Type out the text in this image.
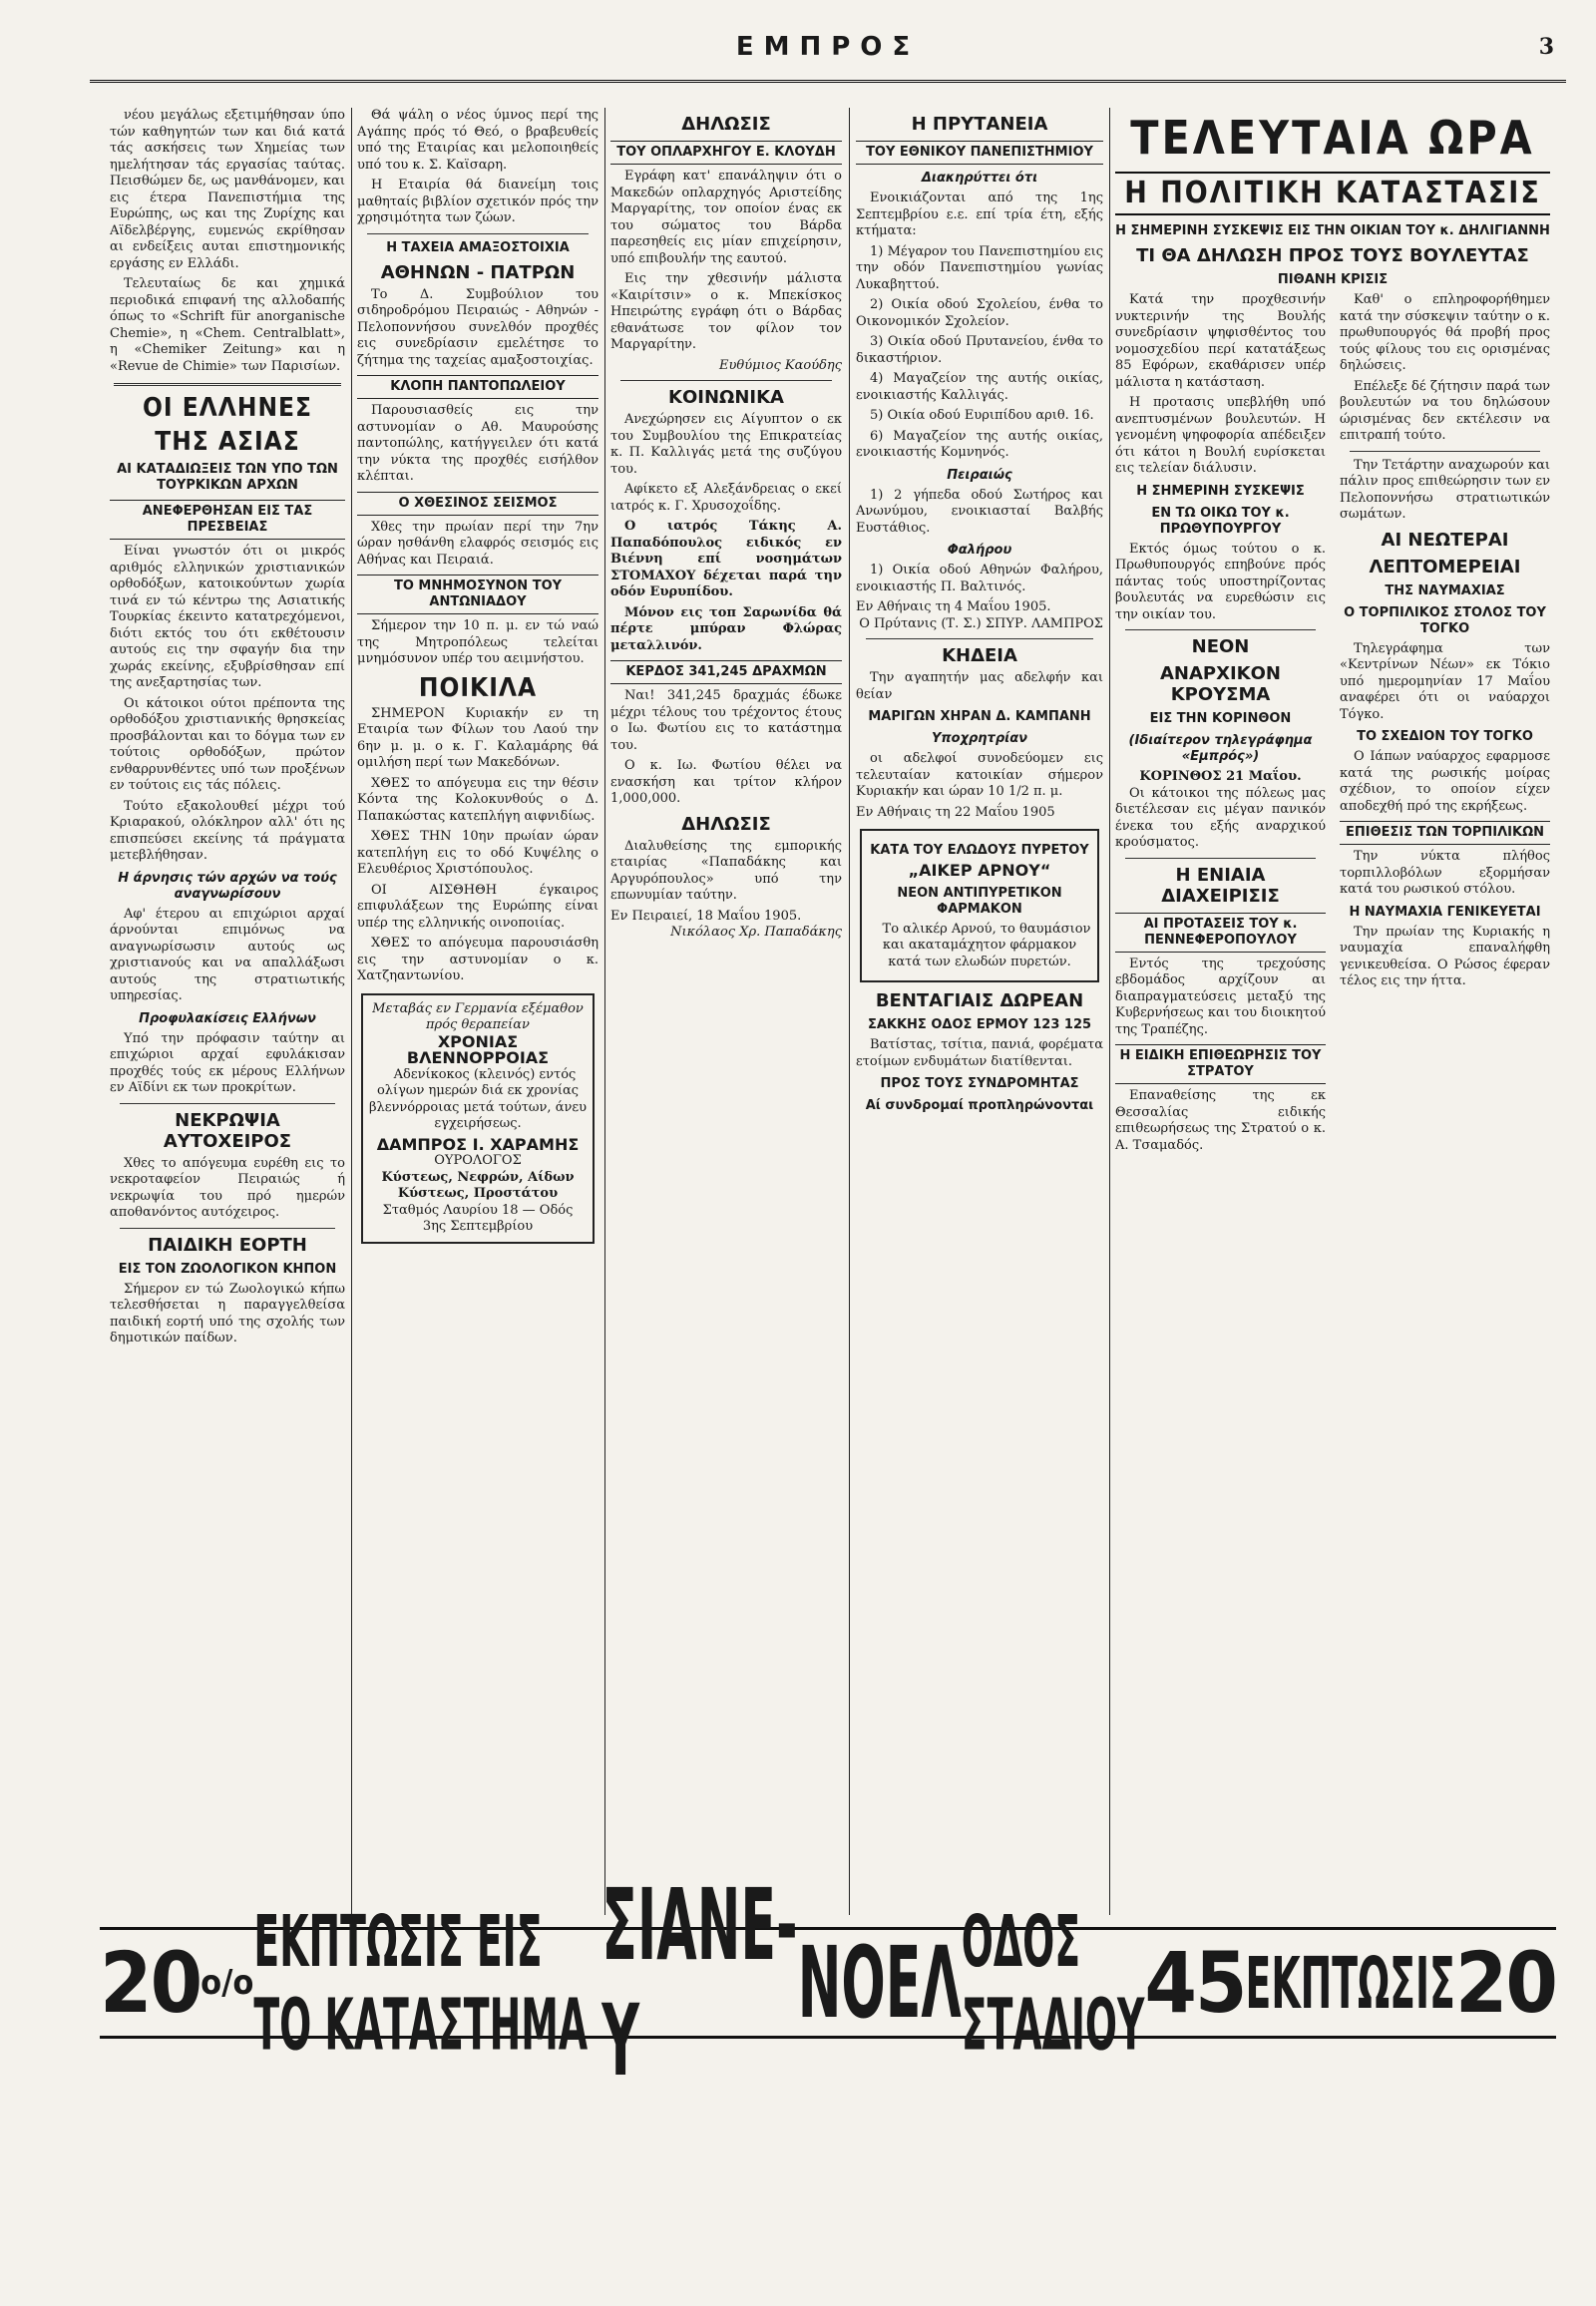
ΕΜΠΡΟΣ	3

νέου μεγάλως εξετιμήθησαν ύπο τών καθηγητών των και διά κατά τάς ασκήσεις των Χημείας των ημελήτησαν τάς εργασίας ταύτας. Πεισθώμεν δε, ως μανθάνομεν, και εις έτερα Πανεπιστήμια της Ευρώπης, ως και της Ζυρίχης και Αϊδελβέργης, ευμενώς εκρίθησαν αι ενδείξεις αυται επιστημονικής εργάσης εν Ελλάδι.

Τελευταίως δε και χημικά περιοδικά επιφανή της αλλοδαπής όπως το «Schrift für anorganische Chemie», η «Chem. Centralblatt», η «Chemiker Zeitung» και η «Revue de Chimie» των Παρισίων.

ΟΙ ΕΛΛΗΝΕΣ
ΤΗΣ ΑΣΙΑΣ
ΑΙ ΚΑΤΑΔΙΩΞΕΙΣ ΤΩΝ ΥΠΟ ΤΩΝ ΤΟΥΡΚΙΚΩΝ ΑΡΧΩΝ
ΑΝΕΦΕΡΘΗΣΑΝ ΕΙΣ ΤΑΣ ΠΡΕΣΒΕΙΑΣ

Είναι γνωστόν ότι οι μικρός αριθμός ελληνικών χριστιανικών ορθοδόξων, κατοικούντων χωρία τινά εν τώ κέντρω της Ασιατικής Τουρκίας έκειντο κατατρεχόμενοι, διότι εκτός του ότι εκθέτουσιν αυτούς εις την σφαγήν δια την χωράς εκείνης, εξυβρίσθησαν επί της ανεξαρτησίας των.

Οι κάτοικοι ούτοι πρέποντα της ορθοδόξου χριστιανικής θρησκείας προσβάλονται και το δόγμα των εν τούτοις ορθοδόξων, πρώτον ενθαρρυνθέντες υπό των προξένων εν τούτοις εις τάς πόλεις.

Τούτο εξακολουθεί μέχρι τού Κριαρακού, ολόκληρον αλλ' ότι ης επισπεύσει εκείνης τά πράγματα μετεβλήθησαν.

Η άρνησις τών αρχών να τούς αναγνωρίσουν

Αφ' έτερου αι επιχώριοι αρχαί άρνούνται επιμόνως να αναγνωρίσωσιν αυτούς ως χριστιανούς και να απαλλάξωσι αυτούς της στρατιωτικής υπηρεσίας.

Προφυλακίσεις Ελλήνων

Υπό την πρόφασιν ταύτην αι επιχώριοι αρχαί εφυλάκισαν προχθές τούς εκ μέρους Ελλήνων εν Αϊδίνι εκ των προκρίτων.

ΝΕΚΡΩΨΙΑ ΑΥΤΟΧΕΙΡΟΣ

Χθες το απόγευμα ευρέθη εις το νεκροταφείον Πειραιώς ή νεκρωψία του πρό ημερών αποθανόντος αυτόχειρος.

ΠΑΙΔΙΚΗ ΕΟΡΤΗ
ΕΙΣ ΤΟΝ ΖΩΟΛΟΓΙΚΟΝ ΚΗΠΟΝ

Σήμερον εν τώ Ζωολογικώ κήπω τελεσθήσεται η παραγγελθείσα παιδική εορτή υπό της σχολής των δημοτικών παίδων.

Θά ψάλη ο νέος ύμνος περί της Αγάπης πρός τό Θεό, ο βραβευθείς υπό της Εταιρίας και μελοποιηθείς υπό του κ. Σ. Καϊσαρη.

Η Εταιρία θά διανείμη τοις μαθηταίς βιβλίον σχετικόν πρός την χρησιμότητα των ζώων.

Η ΤΑΧΕΙΑ ΑΜΑΞΟΣΤΟΙΧΙΑ
ΑΘΗΝΩΝ - ΠΑΤΡΩΝ

Το Δ. Συμβούλιον του σιδηροδρόμου Πειραιώς - Αθηνών - Πελοποννήσου συνελθόν προχθές εις συνεδρίασιν εμελέτησε το ζήτημα της ταχείας αμαξοστοιχίας.

ΚΛΟΠΗ ΠΑΝΤΟΠΩΛΕΙΟΥ

Παρουσιασθείς εις την αστυνομίαν ο Αθ. Μαυρούσης παντοπώλης, κατήγγειλεν ότι κατά την νύκτα της προχθές εισήλθον κλέπται.

Ο ΧΘΕΣΙΝΟΣ ΣΕΙΣΜΟΣ

Χθες την πρωίαν περί την 7ην ώραν ησθάνθη ελαφρός σεισμός εις Αθήνας και Πειραιά.

ΤΟ ΜΝΗΜΟΣΥΝΟΝ ΤΟΥ ΑΝΤΩΝΙΑΔΟΥ

Σήμερον την 10 π. μ. εν τώ ναώ της Μητροπόλεως τελείται μνημόσυνον υπέρ του αειμνήστου.

ΠΟΙΚΙΛΑ

ΣΗΜΕΡΟΝ Κυριακήν εν τη Εταιρία των Φίλων του Λαού την 6ην μ. μ. ο κ. Γ. Καλαμάρης θά ομιλήση περί των Μακεδόνων.

ΧΘΕΣ το απόγευμα εις την θέσιν Κόντα της Κολοκυνθούς ο Δ. Παπακώστας κατεπλήγη αιφνιδίως.

ΧΘΕΣ ΤΗΝ 10ην πρωίαν ώραν κατεπλήγη εις το οδό Κυψέλης ο Ελευθέριος Χριστόπουλος.

ΟΙ ΑΙΣΘΗΘΗ έγκαιρος επιφυλάξεων της Ευρώπης είναι υπέρ της ελληνικής οινοποιίας.

ΧΘΕΣ το απόγευμα παρουσιάσθη εις την αστυνομίαν ο κ. Χατζηαντωνίου.

Μεταβάς εν Γερμανία εξέμαθον πρός θεραπείαν
ΧΡΟΝΙΑΣ ΒΛΕΝΝΟΡΡΟΙΑΣ

Αδενίκοκος (κλεινός) εντός ολίγων ημερών διά εκ χρονίας βλεννόρροιας μετά τούτων, άνευ εγχειρήσεως.

ΔΑΜΠΡΟΣ Ι. ΧΑΡΑΜΗΣ
ΟΥΡΟΛΟΓΟΣ
Κύστεως, Νεφρών, Αίδων Κύστεως, Προστάτου
Σταθμός Λαυρίου 18 — Οδός 3ης Σεπτεμβρίου
ΔΗΛΩΣΙΣ
ΤΟΥ ΟΠΛΑΡΧΗΓΟΥ Ε. ΚΛΟΥΔΗ

Εγράφη κατ' επανάληψιν ότι ο Μακεδών οπλαρχηγός Αριστείδης Μαργαρίτης, τον οποίον ένας εκ του σώματος του Βάρδα παρεσηθείς εις μίαν επιχείρησιν, υπό επιβουλήν της εαυτού.

Εις την χθεσινήν μάλιστα «Καιρίτσιν» ο κ. Μπεκίσκος Ηπειρώτης εγράφη ότι ο Βάρδας εθανάτωσε τον φίλον τον Μαργαρίτην.

Ευθύμιος Καούδης
ΚΟΙΝΩΝΙΚΑ

Ανεχώρησεν εις Αίγυπτον ο εκ του Συμβουλίου της Επικρατείας κ. Π. Καλλιγάς μετά της συζύγου του.

Αφίκετο εξ Αλεξάνδρειας ο εκεί ιατρός κ. Γ. Χρυσοχοΐδης.

Ο ιατρός Τάκης Α. Παπαδόπουλος ειδικός εν Βιέννη επί νοσημάτων ΣΤΟΜΑΧΟΥ δέχεται παρά την οδόν Ευρυπίδου.

Μόνον εις τοπ Σαρωνίδα θά πέρτε μπύραν Φλώρας μεταλλινόν.

ΚΕΡΔΟΣ 341,245 ΔΡΑΧΜΩΝ

Ναι! 341,245 δραχμάς έδωκε μέχρι τέλους του τρέχοντος έτους ο Ιω. Φωτίου εις το κατάστημα του.

Ο κ. Ιω. Φωτίου θέλει να ενασκήση και τρίτον κλήρον 1,000,000.

ΔΗΛΩΣΙΣ

Διαλυθείσης της εμπορικής εταιρίας «Παπαδάκης και Αργυρόπουλος» υπό την επωνυμίαν ταύτην.

Εν Πειραιεί, 18 Μαΐου 1905.
Νικόλαος Χρ. Παπαδάκης
Η ΠΡΥΤΑΝΕΙΑ
ΤΟΥ ΕΘΝΙΚΟΥ ΠΑΝΕΠΙΣΤΗΜΙΟΥ
Διακηρύττει ότι

Ενοικιάζονται από της 1ης Σεπτεμβρίου ε.ε. επί τρία έτη, εξής κτήματα:

1) Μέγαρον του Πανεπιστημίου εις την οδόν Πανεπιστημίου γωνίας Λυκαβηττού.

2) Οικία οδού Σχολείου, ένθα το Οικονομικόν Σχολείον.

3) Οικία οδού Πρυτανείου, ένθα το δικαστήριον.

4) Μαγαζείον της αυτής οικίας, ενοικιαστής Καλλιγάς.

5) Οικία οδού Ευριπίδου αριθ. 16.

6) Μαγαζείον της αυτής οικίας, ενοικιαστής Κομνηνός.

Πειραιώς

1) 2 γήπεδα οδού Σωτήρος και Ανωνύμου, ενοικιασταί Βαλβής Ευστάθιος.

Φαλήρου

1) Οικία οδού Αθηνών Φαλήρου, ενοικιαστής Π. Βαλτινός.

Εν Αθήναις τη 4 Μαΐου 1905.
Ο Πρύτανις (Τ. Σ.) ΣΠΥΡ. ΛΑΜΠΡΟΣ
ΚΗΔΕΙΑ

Την αγαπητήν μας αδελφήν και θείαν

ΜΑΡΙΓΩΝ ΧΗΡΑΝ Δ. ΚΑΜΠΑΝΗ
Υποχρητρίαν

οι αδελφοί συνοδεύομεν εις τελευταίαν κατοικίαν σήμερον Κυριακήν και ώραν 10 1/2 π. μ.

Εν Αθήναις τη 22 Μαΐου 1905
ΚΑΤΑ ΤΟΥ ΕΛΩΔΟΥΣ ΠΥΡΕΤΟΥ
„ΑΙΚΕΡ ΑΡΝΟΥ“
ΝΕΟΝ ΑΝΤΙΠΥΡΕΤΙΚΟΝ ΦΑΡΜΑΚΟΝ

Το αλικέρ Αρνού, το θαυμάσιον και ακαταμάχητον φάρμακον κατά των ελωδών πυρετών.

ΒΕΝΤΑΓΙΑΙΣ ΔΩΡΕΑΝ
ΣΑΚΚΗΣ ΟΔΟΣ ΕΡΜΟΥ 123 125

Βατίστας, τσίτια, πανιά, φορέματα ετοίμων ενδυμάτων διατίθενται.

ΠΡΟΣ ΤΟΥΣ ΣΥΝΔΡΟΜΗΤΑΣ
Αί συνδρομαί προπληρώνονται
ΤΕΛΕΥΤΑΙΑ ΩΡΑ
Η ΠΟΛΙΤΙΚΗ ΚΑΤΑΣΤΑΣΙΣ
Η ΣΗΜΕΡΙΝΗ ΣΥΣΚΕΨΙΣ ΕΙΣ ΤΗΝ ΟΙΚΙΑΝ ΤΟΥ κ. ΔΗΛΙΓΙΑΝΝΗ
ΤΙ ΘΑ ΔΗΛΩΣΗ ΠΡΟΣ ΤΟΥΣ ΒΟΥΛΕΥΤΑΣ
ΠΙΘΑΝΗ ΚΡΙΣΙΣ

Κατά την προχθεσινήν νυκτερινήν της Βουλής συνεδρίασιν ψηφισθέντος του νομοσχεδίου περί κατατάξεως 85 Εφόρων, εκαθάρισεν υπέρ μάλιστα η κατάσταση.

Η προτασις υπεβλήθη υπό ανεπτυσμένων βουλευτών. Η γενομένη ψηφοφορία απέδειξεν ότι κάτοι η Βουλή ευρίσκεται εις τελείαν διάλυσιν.

Η ΣΗΜΕΡΙΝΗ ΣΥΣΚΕΨΙΣ
ΕΝ ΤΩ ΟΙΚΩ ΤΟΥ κ. ΠΡΩΘΥΠΟΥΡΓΟΥ

Εκτός όμως τούτου ο κ. Πρωθυπουργός επηβούνε πρός πάντας τούς υποστηρίζοντας βουλευτάς να ευρεθώσιν εις την οικίαν του.

ΝΕΟΝ
ΑΝΑΡΧΙΚΟΝ ΚΡΟΥΣΜΑ
ΕΙΣ ΤΗΝ ΚΟΡΙΝΘΟΝ
(Ιδιαίτερον τηλεγράφημα «Εμπρός»)
ΚΟΡΙΝΘΟΣ 21 Μαΐου.

Οι κάτοικοι της πόλεως μας διετέλεσαν εις μέγαν πανικόν ένεκα του εξής αναρχικού κρούσματος.

Η ΕΝΙΑΙΑ ΔΙΑΧΕΙΡΙΣΙΣ
ΑΙ ΠΡΟΤΑΣΕΙΣ ΤΟΥ κ. ΠΕΝΝΕΦΕΡΟΠΟΥΛΟΥ

Εντός της τρεχούσης εβδομάδος αρχίζουν αι διαπραγματεύσεις μεταξύ της Κυβερνήσεως και του διοικητού της Τραπέζης.

Η ΕΙΔΙΚΗ ΕΠΙΘΕΩΡΗΣΙΣ ΤΟΥ ΣΤΡΑΤΟΥ

Επαναθείσης της εκ Θεσσαλίας ειδικής επιθεωρήσεως της Στρατού ο κ. Α. Τσαμαδός.

Καθ' ο επληροφορήθημεν κατά την σύσκεψιν ταύτην ο κ. πρωθυπουργός θά προβή προς τούς φίλους του εις ορισμένας δηλώσεις.

Επέλεξε δέ ζήτησιν παρά των βουλευτών να του δηλώσουν ώρισμένας δεν εκτέλεσιν να επιτραπή τούτο.

Την Τετάρτην αναχωρούν και πάλιν προς επιθεώρησιν των εν Πελοποννήσω στρατιωτικών σωμάτων.

ΑΙ ΝΕΩΤΕΡΑΙ
ΛΕΠΤΟΜΕΡΕΙΑΙ
ΤΗΣ ΝΑΥΜΑΧΙΑΣ
Ο ΤΟΡΠΙΛΙΚΟΣ ΣΤΟΛΟΣ ΤΟΥ ΤΟΓΚΟ

Τηλεγράφημα των «Κεντρίνων Νέων» εκ Τόκιο υπό ημερομηνίαν 17 Μαΐου αναφέρει ότι οι ναύαρχοι Τόγκο.

ΤΟ ΣΧΕΔΙΟΝ ΤΟΥ ΤΟΓΚΟ

Ο Ιάπων ναύαρχος εφαρμοσε κατά της ρωσικής μοίρας σχέδιον, το οποίον είχεν αποδεχθή πρό της εκρήξεως.

ΕΠΙΘΕΣΙΣ ΤΩΝ ΤΟΡΠΙΛΙΚΩΝ

Την νύκτα πλήθος τορπιλλοβόλων εξορμήσαν κατά του ρωσικού στόλου.

Η ΝΑΥΜΑΧΙΑ ΓΕΝΙΚΕΥΕΤΑΙ

Την πρωίαν της Κυριακής η ναυμαχία επαναλήφθη γενικευθείσα. Ο Ρώσος έφεραν τέλος εις την ήττα.

20 o/o ΕΚΠΤΩΣΙΣ ΕΙΣ ΤΟ ΚΑΤΑΣΤΗΜΑ
ΣΙΑΝΕ-Υ	ΝΟΕΛ ΟΔΟΣ ΣΤΑΔΙΟΥ 45 ΕΚΠΤΩΣΙΣ 20
